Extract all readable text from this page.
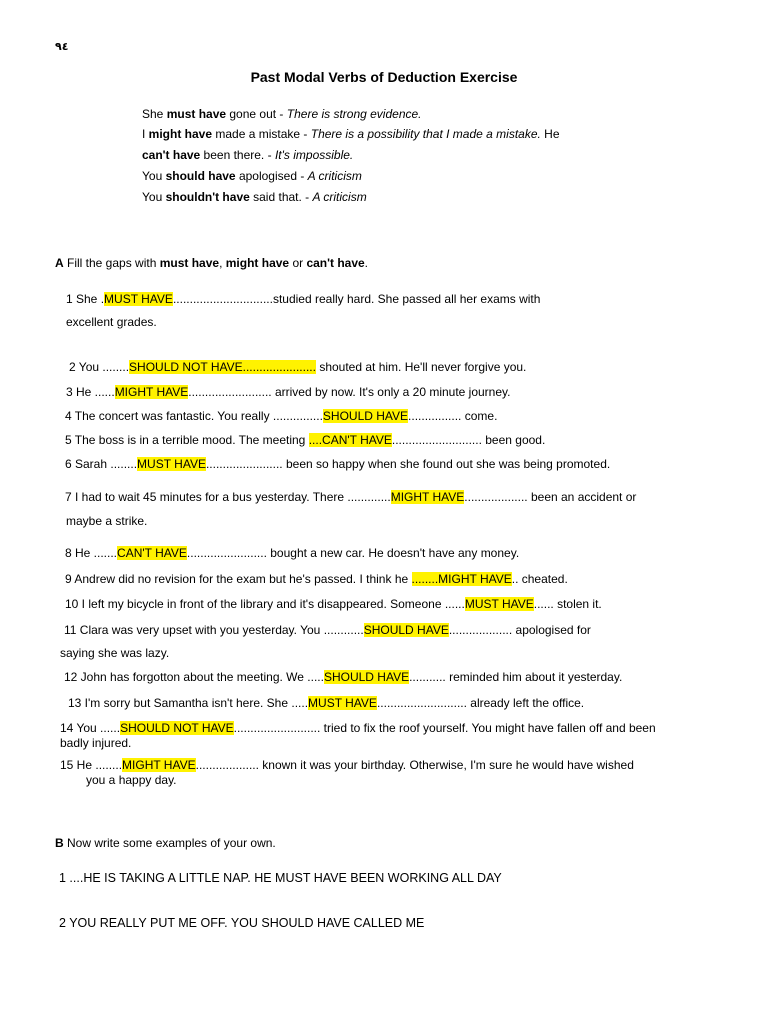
٩٤
Past Modal Verbs of Deduction Exercise
She must have gone out - There is strong evidence.
I might have made a mistake - There is a possibility that I made a mistake. He
can't have been there. - It's impossible.
You should have apologised - A criticism
You shouldn't have said that. - A criticism
A Fill the gaps with must have, might have or can't have.
1 She .MUST HAVE..............................studied really hard. She passed all her exams with
excellent grades.
2 You ........SHOULD NOT HAVE...................... shouted at him. He'll never forgive you.
3 He ......MIGHT HAVE......................... arrived by now. It's only a 20 minute journey.
4 The concert was fantastic. You really ...............SHOULD HAVE................ come.
5 The boss is in a terrible mood. The meeting ....CAN'T HAVE........................... been good.
6 Sarah ........MUST HAVE....................... been so happy when she found out she was being promoted.
7 I had to wait 45 minutes for a bus yesterday. There .............MIGHT HAVE................... been an accident or
maybe a strike.
8 He .......CAN'T HAVE........................ bought a new car. He doesn't have any money.
9 Andrew did no revision for the exam but he's passed. I think he ........MIGHT HAVE.. cheated.
10 I left my bicycle in front of the library and it's disappeared. Someone ......MUST HAVE...... stolen it.
11 Clara was very upset with you yesterday. You ............SHOULD HAVE................... apologised for
saying she was lazy.
12 John has forgotton about the meeting. We .....SHOULD HAVE........... reminded him about it yesterday.
13 I'm sorry but Samantha isn't here. She .....MUST HAVE........................... already left the office.
14 You ......SHOULD NOT HAVE.......................... tried to fix the roof yourself. You might have fallen off and been
badly injured.
15 He ........MIGHT HAVE................... known it was your birthday. Otherwise, I'm sure he would have wished
you a happy day.
B Now write some examples of your own.
1 ....HE IS TAKING A LITTLE NAP. HE MUST HAVE BEEN WORKING ALL DAY
2 YOU REALLY PUT ME OFF. YOU SHOULD HAVE CALLED ME
